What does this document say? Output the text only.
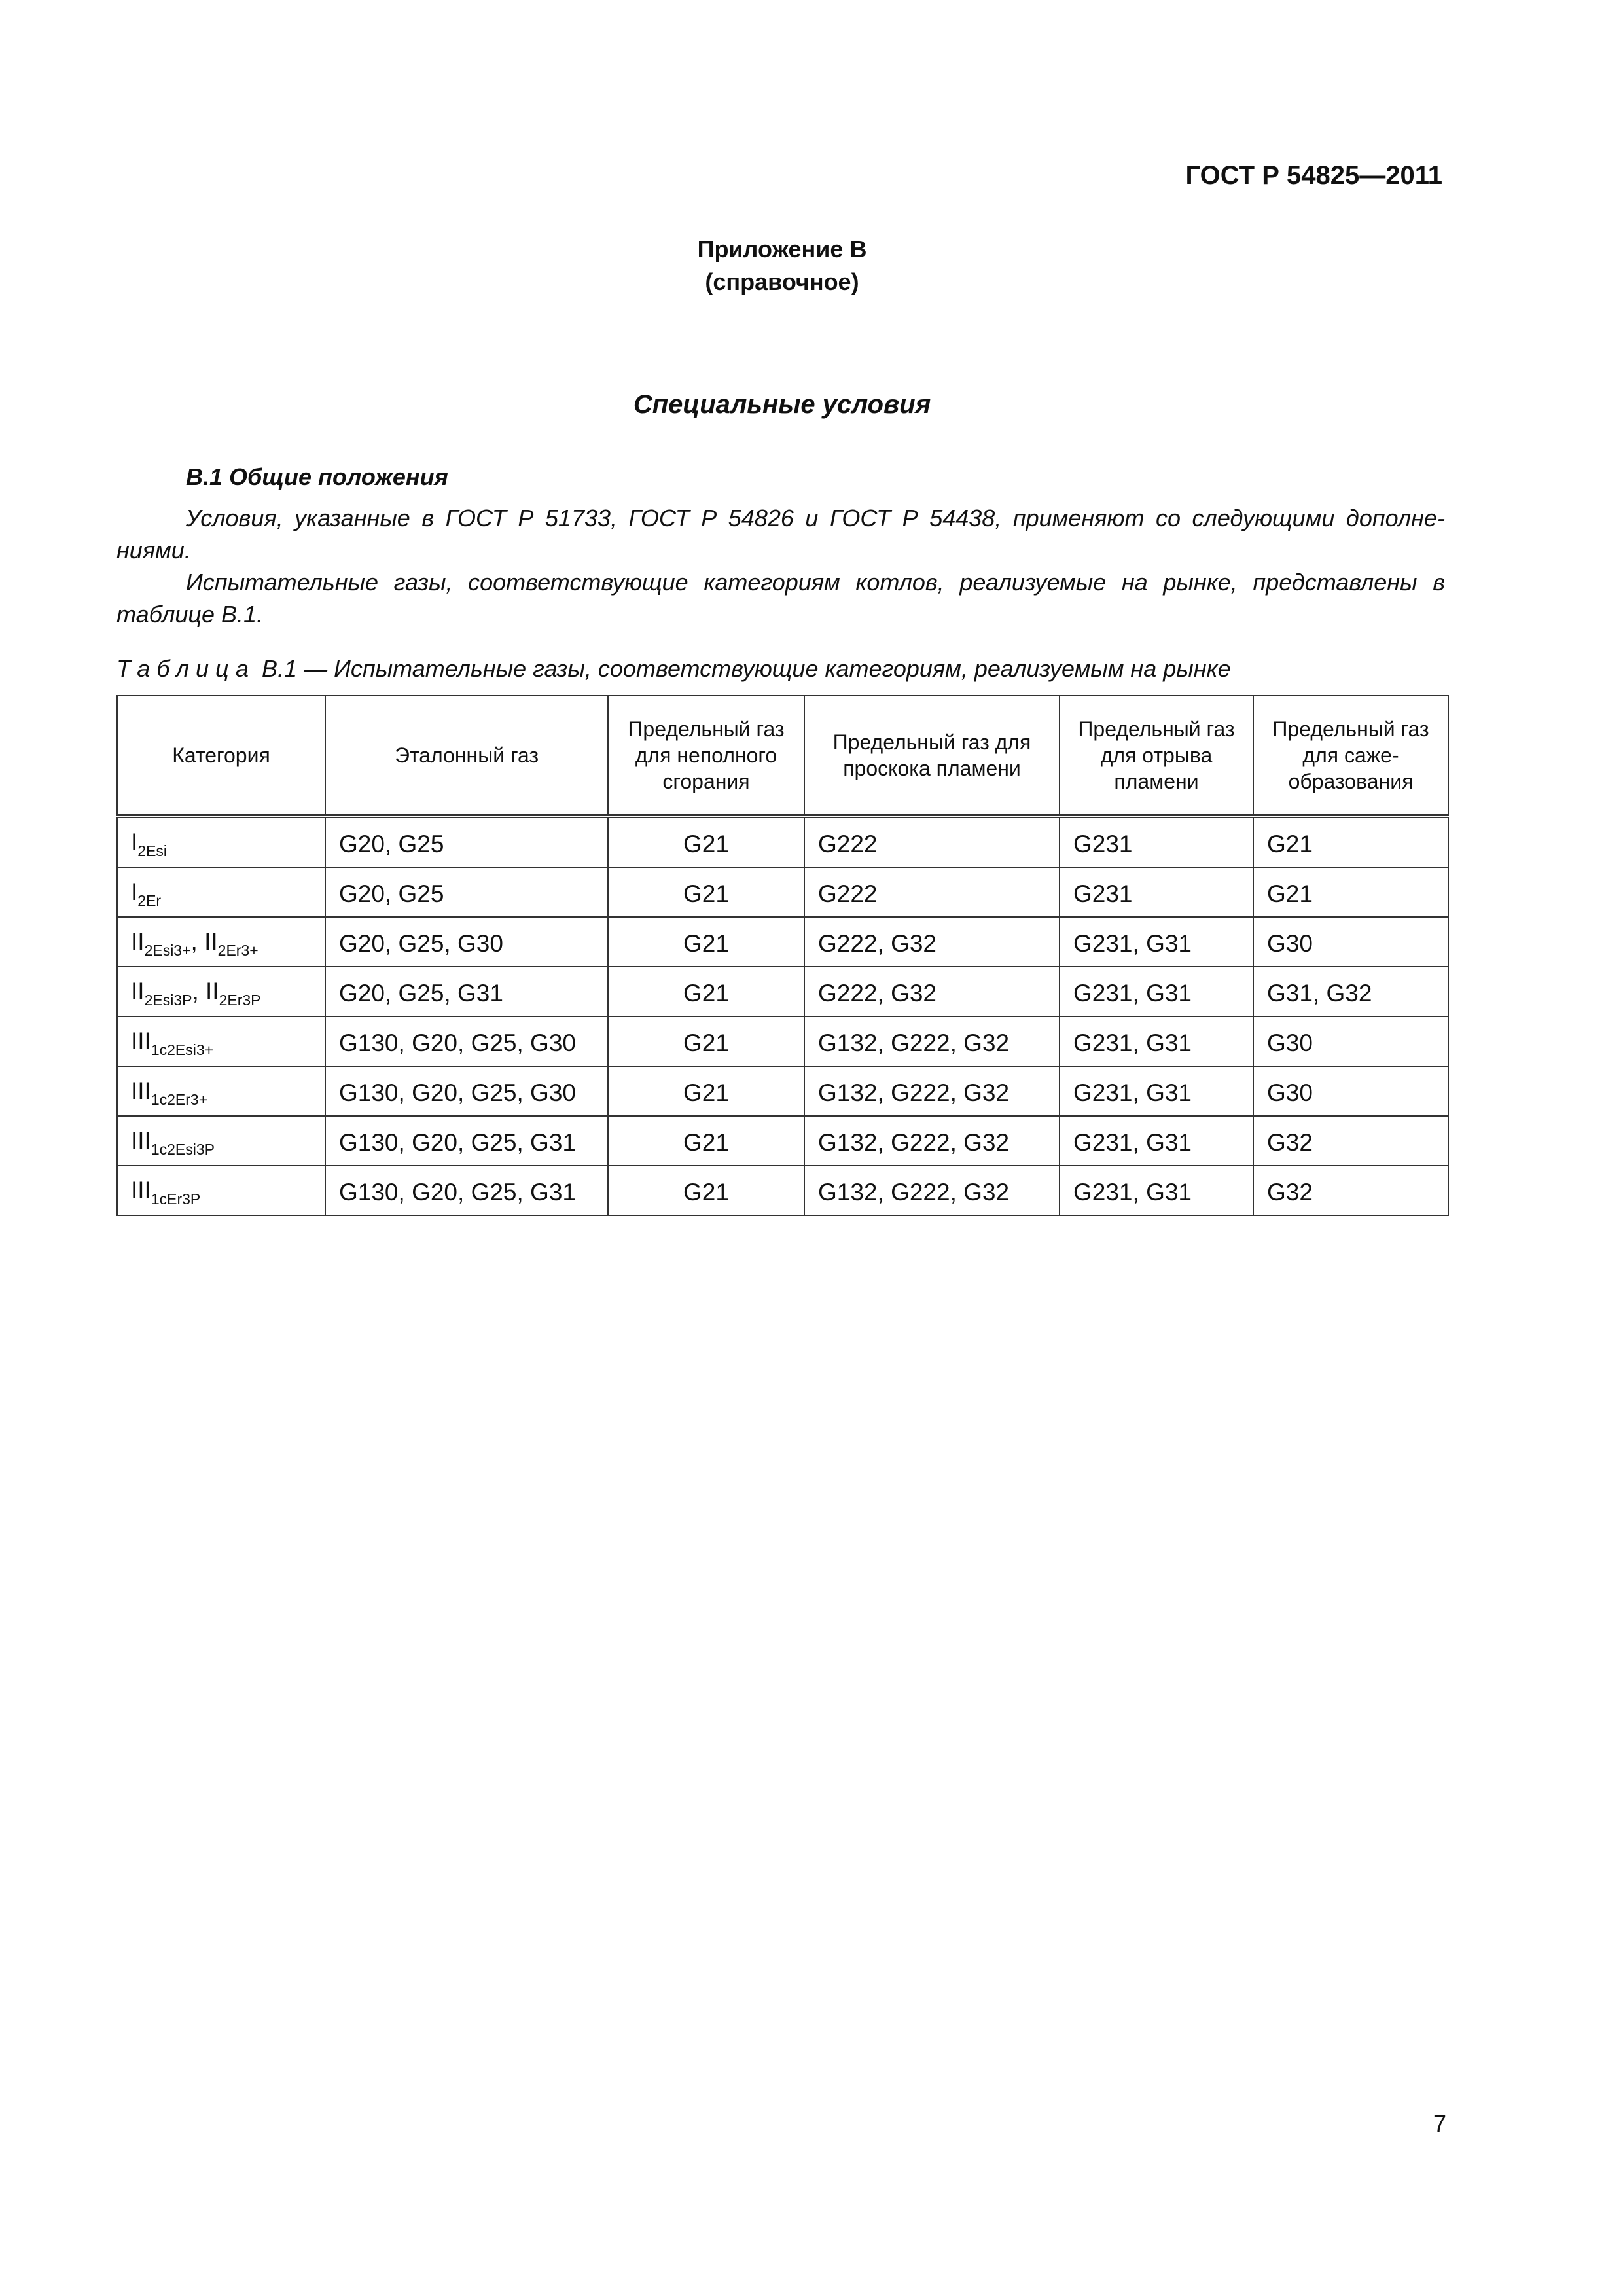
ГОСТ Р 54825—2011
Приложение В
(справочное)
Специальные условия
В.1 Общие положения

Условия, указанные в ГОСТ Р 51733, ГОСТ Р 54826 и ГОСТ Р 54438, применяют со следующими дополне-
ниями.

Испытательные газы, соответствующие категориям котлов, реализуемые на рынке, представлены в
таблице В.1.

Таблица В.1 — Испытательные газы, соответствующие категориям, реализуемым на рынке
Категория	Эталонный газ	Предельный газ для неполного сгорания	Предельный газ для проскока пламени	Предельный газ для отрыва пламени	Предельный газ для саже-образования
$I_{2Esi}$	G20, G25	G21	G222	G231	G21
$I_{2Er}$	G20, G25	G21	G222	G231	G21
$II_{2Esi3+}$, $II_{2Er3+}$	G20, G25, G30	G21	G222, G32	G231, G31	G30
$II_{2Esi3P}$, $II_{2Er3P}$	G20, G25, G31	G21	G222, G32	G231, G31	G31, G32
$III_{1c2Esi3+}$	G130, G20, G25, G30	G21	G132, G222, G32	G231, G31	G30
$III_{1c2Er3+}$	G130, G20, G25, G30	G21	G132, G222, G32	G231, G31	G30
$III_{1c2Esi3P}$	G130, G20, G25, G31	G21	G132, G222, G32	G231, G31	G32
$III_{1cEr3P}$	G130, G20, G25, G31	G21	G132, G222, G32	G231, G31	G32
7
